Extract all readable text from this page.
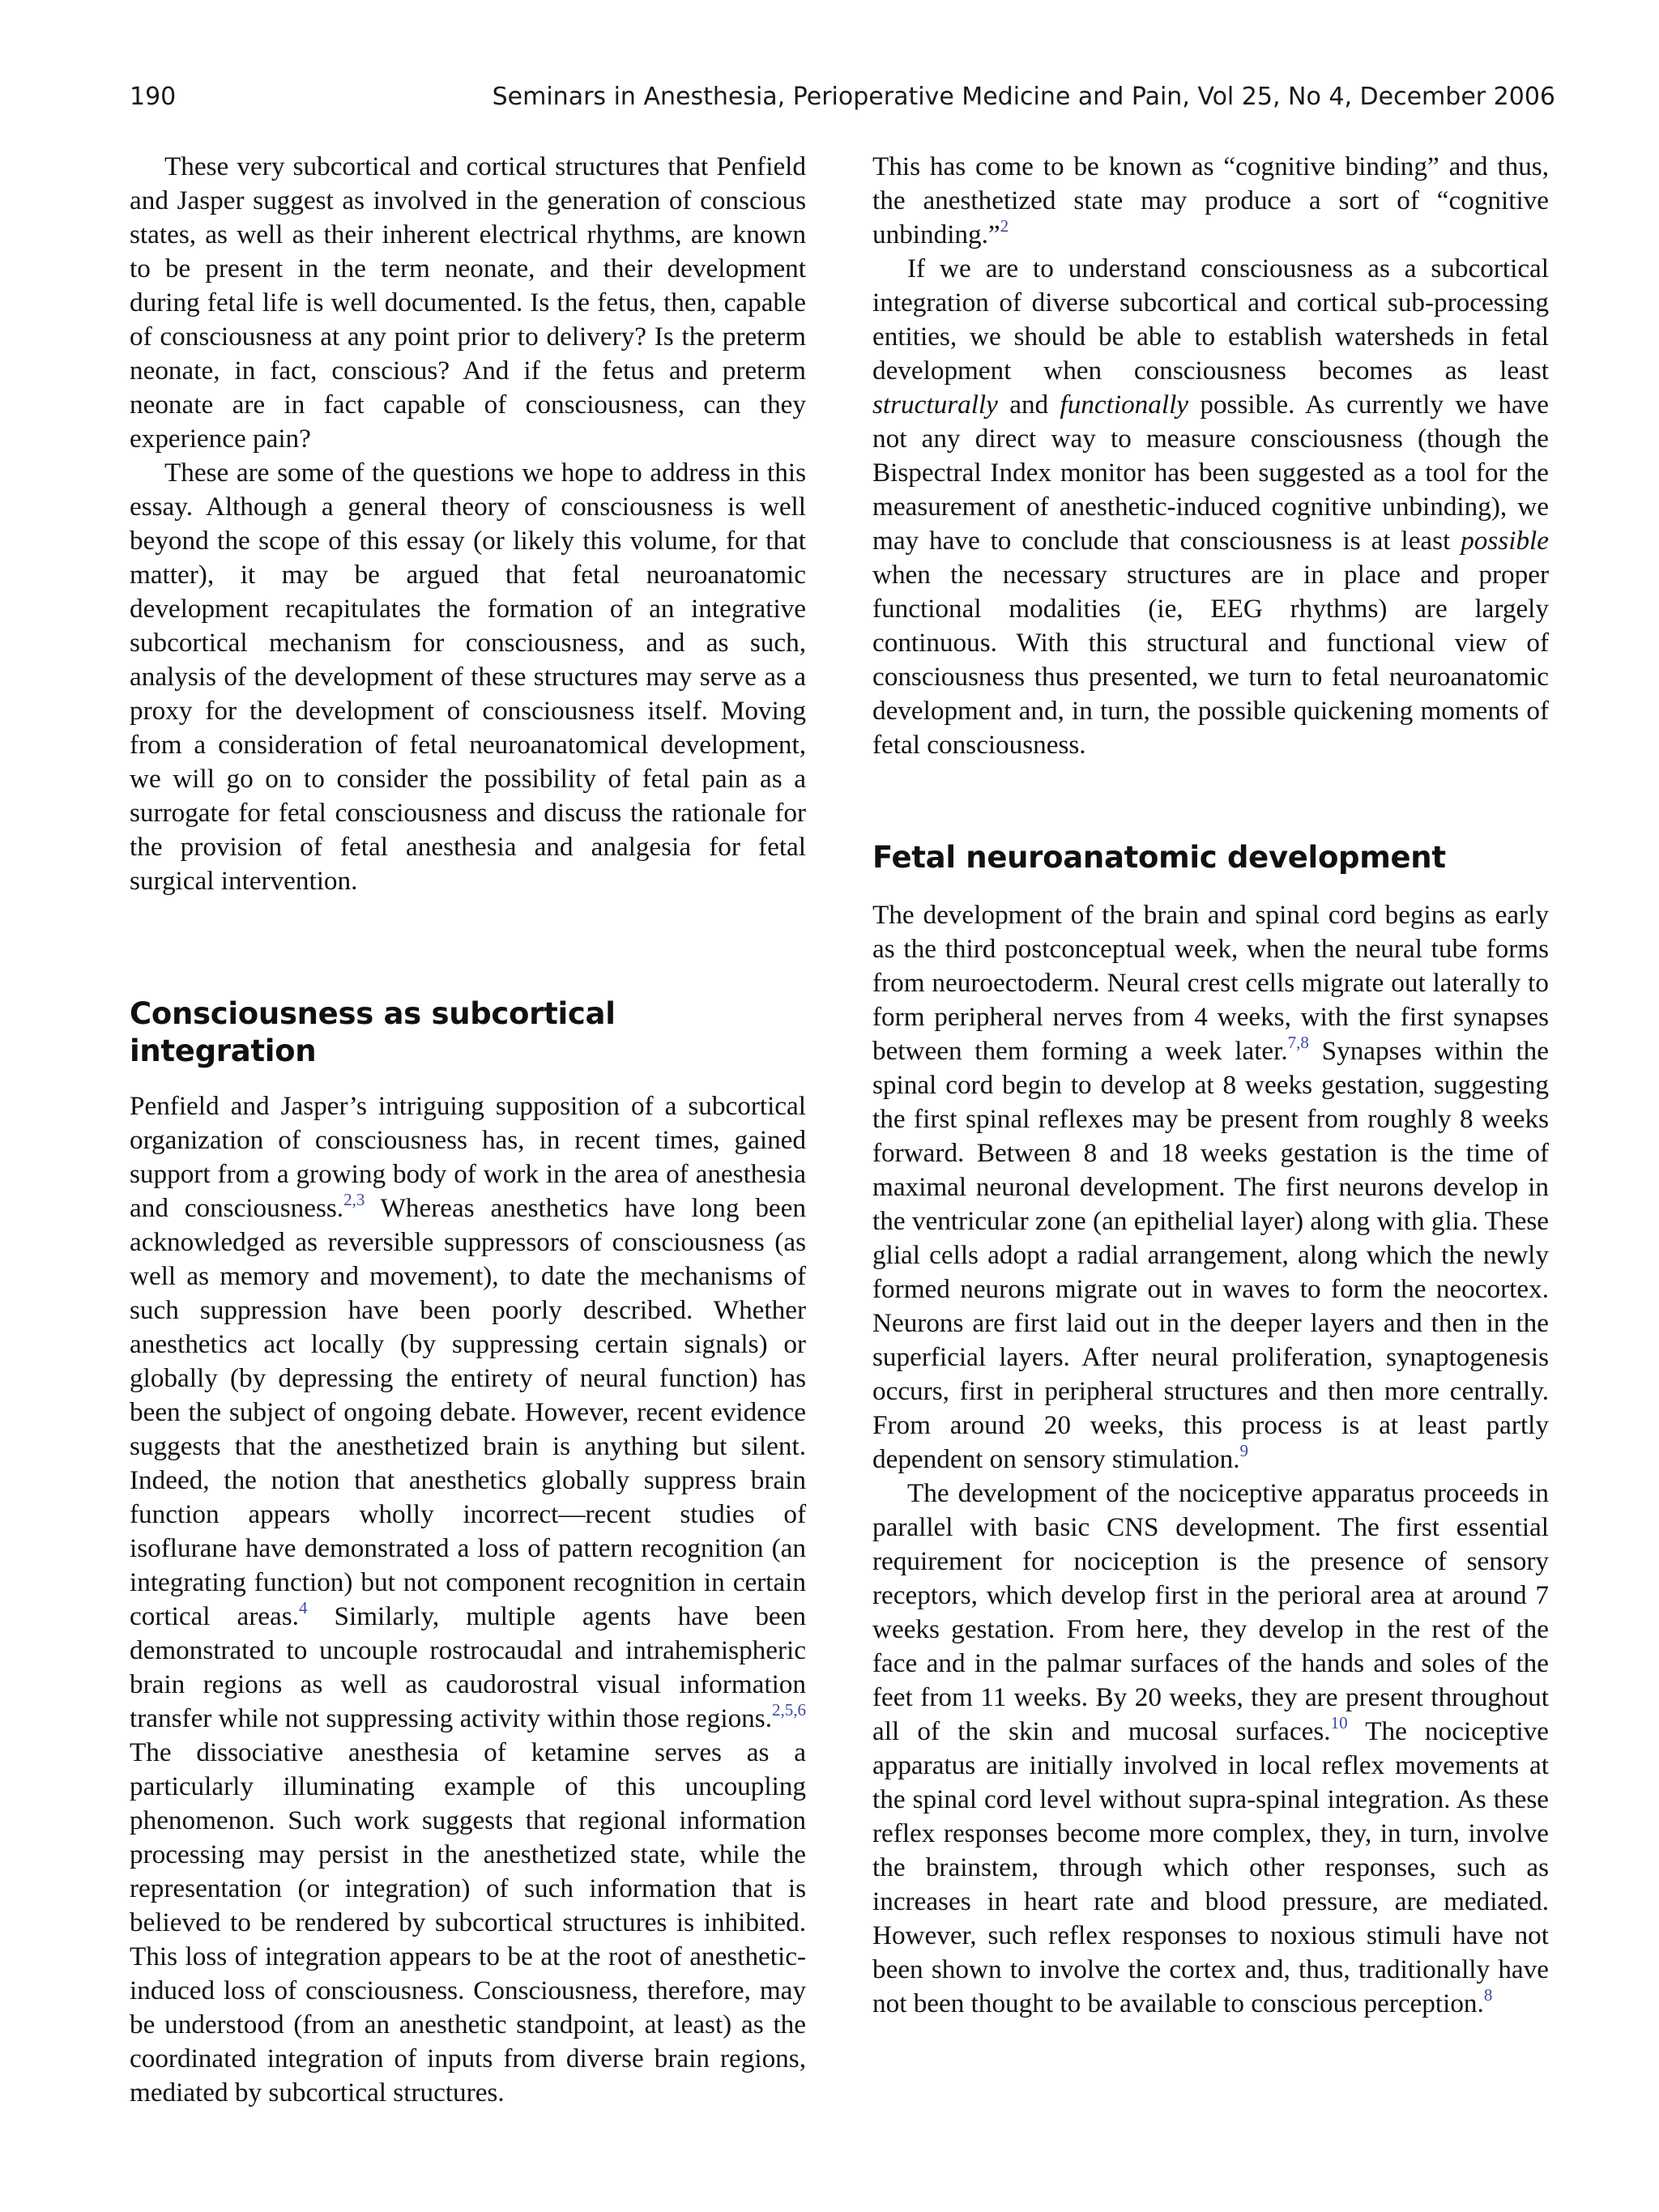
190	Seminars in Anesthesia, Perioperative Medicine and Pain, Vol 25, No 4, December 2006

These very subcortical and cortical structures that Penfield and Jasper suggest as involved in the generation of conscious states, as well as their inherent electrical rhythms, are known to be present in the term neonate, and their development during fetal life is well documented. Is the fetus, then, capable of consciousness at any point prior to delivery? Is the preterm neonate, in fact, conscious? And if the fetus and preterm neonate are in fact capable of consciousness, can they experience pain?

These are some of the questions we hope to address in this essay. Although a general theory of consciousness is well beyond the scope of this essay (or likely this volume, for that matter), it may be argued that fetal neuroanatomic development recapitulates the formation of an integrative subcortical mechanism for consciousness, and as such, analysis of the development of these structures may serve as a proxy for the development of consciousness itself. Moving from a consideration of fetal neuroanatomical development, we will go on to consider the possibility of fetal pain as a surrogate for fetal consciousness and discuss the rationale for the provision of fetal anesthesia and analgesia for fetal surgical intervention.

Consciousness as subcortical integration

Penfield and Jasper’s intriguing supposition of a subcortical organization of consciousness has, in recent times, gained support from a growing body of work in the area of anesthesia and consciousness.$^{2,3}$ Whereas anesthetics have long been acknowledged as reversible suppressors of consciousness (as well as memory and movement), to date the mechanisms of such suppression have been poorly described. Whether anesthetics act locally (by suppressing certain signals) or globally (by depressing the entirety of neural function) has been the subject of ongoing debate. However, recent evidence suggests that the anesthetized brain is anything but silent. Indeed, the notion that anesthetics globally suppress brain function appears wholly incorrect—recent studies of isoflurane have demonstrated a loss of pattern recognition (an integrating function) but not component recognition in certain cortical areas.$^4$ Similarly, multiple agents have been demonstrated to uncouple rostrocaudal and intrahemispheric brain regions as well as caudorostral visual information transfer while not suppressing activity within those regions.$^{2,5,6}$ The dissociative anesthesia of ketamine serves as a particularly illuminating example of this uncoupling phenomenon. Such work suggests that regional information processing may persist in the anesthetized state, while the representation (or integration) of such information that is believed to be rendered by subcortical structures is inhibited. This loss of integration appears to be at the root of anesthetic-induced loss of consciousness. Consciousness, therefore, may be understood (from an anesthetic standpoint, at least) as the coordinated integration of inputs from diverse brain regions, mediated by subcortical structures.

This has come to be known as “cognitive binding” and thus, the anesthetized state may produce a sort of “cognitive unbinding.”$^2$

If we are to understand consciousness as a subcortical integration of diverse subcortical and cortical sub-processing entities, we should be able to establish watersheds in fetal development when consciousness becomes as least structurally and functionally possible. As currently we have not any direct way to measure consciousness (though the Bispectral Index monitor has been suggested as a tool for the measurement of anesthetic-induced cognitive unbinding), we may have to conclude that consciousness is at least possible when the necessary structures are in place and proper functional modalities (ie, EEG rhythms) are largely continuous. With this structural and functional view of consciousness thus presented, we turn to fetal neuroanatomic development and, in turn, the possible quickening moments of fetal consciousness.

Fetal neuroanatomic development

The development of the brain and spinal cord begins as early as the third postconceptual week, when the neural tube forms from neuroectoderm. Neural crest cells migrate out laterally to form peripheral nerves from 4 weeks, with the first synapses between them forming a week later.$^{7,8}$ Synapses within the spinal cord begin to develop at 8 weeks gestation, suggesting the first spinal reflexes may be present from roughly 8 weeks forward. Between 8 and 18 weeks gestation is the time of maximal neuronal development. The first neurons develop in the ventricular zone (an epithelial layer) along with glia. These glial cells adopt a radial arrangement, along which the newly formed neurons migrate out in waves to form the neocortex. Neurons are first laid out in the deeper layers and then in the superficial layers. After neural proliferation, synaptogenesis occurs, first in peripheral structures and then more centrally. From around 20 weeks, this process is at least partly dependent on sensory stimulation.$^9$

The development of the nociceptive apparatus proceeds in parallel with basic CNS development. The first essential requirement for nociception is the presence of sensory receptors, which develop first in the perioral area at around 7 weeks gestation. From here, they develop in the rest of the face and in the palmar surfaces of the hands and soles of the feet from 11 weeks. By 20 weeks, they are present throughout all of the skin and mucosal surfaces.$^{10}$ The nociceptive apparatus are initially involved in local reflex movements at the spinal cord level without supra-spinal integration. As these reflex responses become more complex, they, in turn, involve the brainstem, through which other responses, such as increases in heart rate and blood pressure, are mediated. However, such reflex responses to noxious stimuli have not been shown to involve the cortex and, thus, traditionally have not been thought to be available to conscious perception.$^8$
